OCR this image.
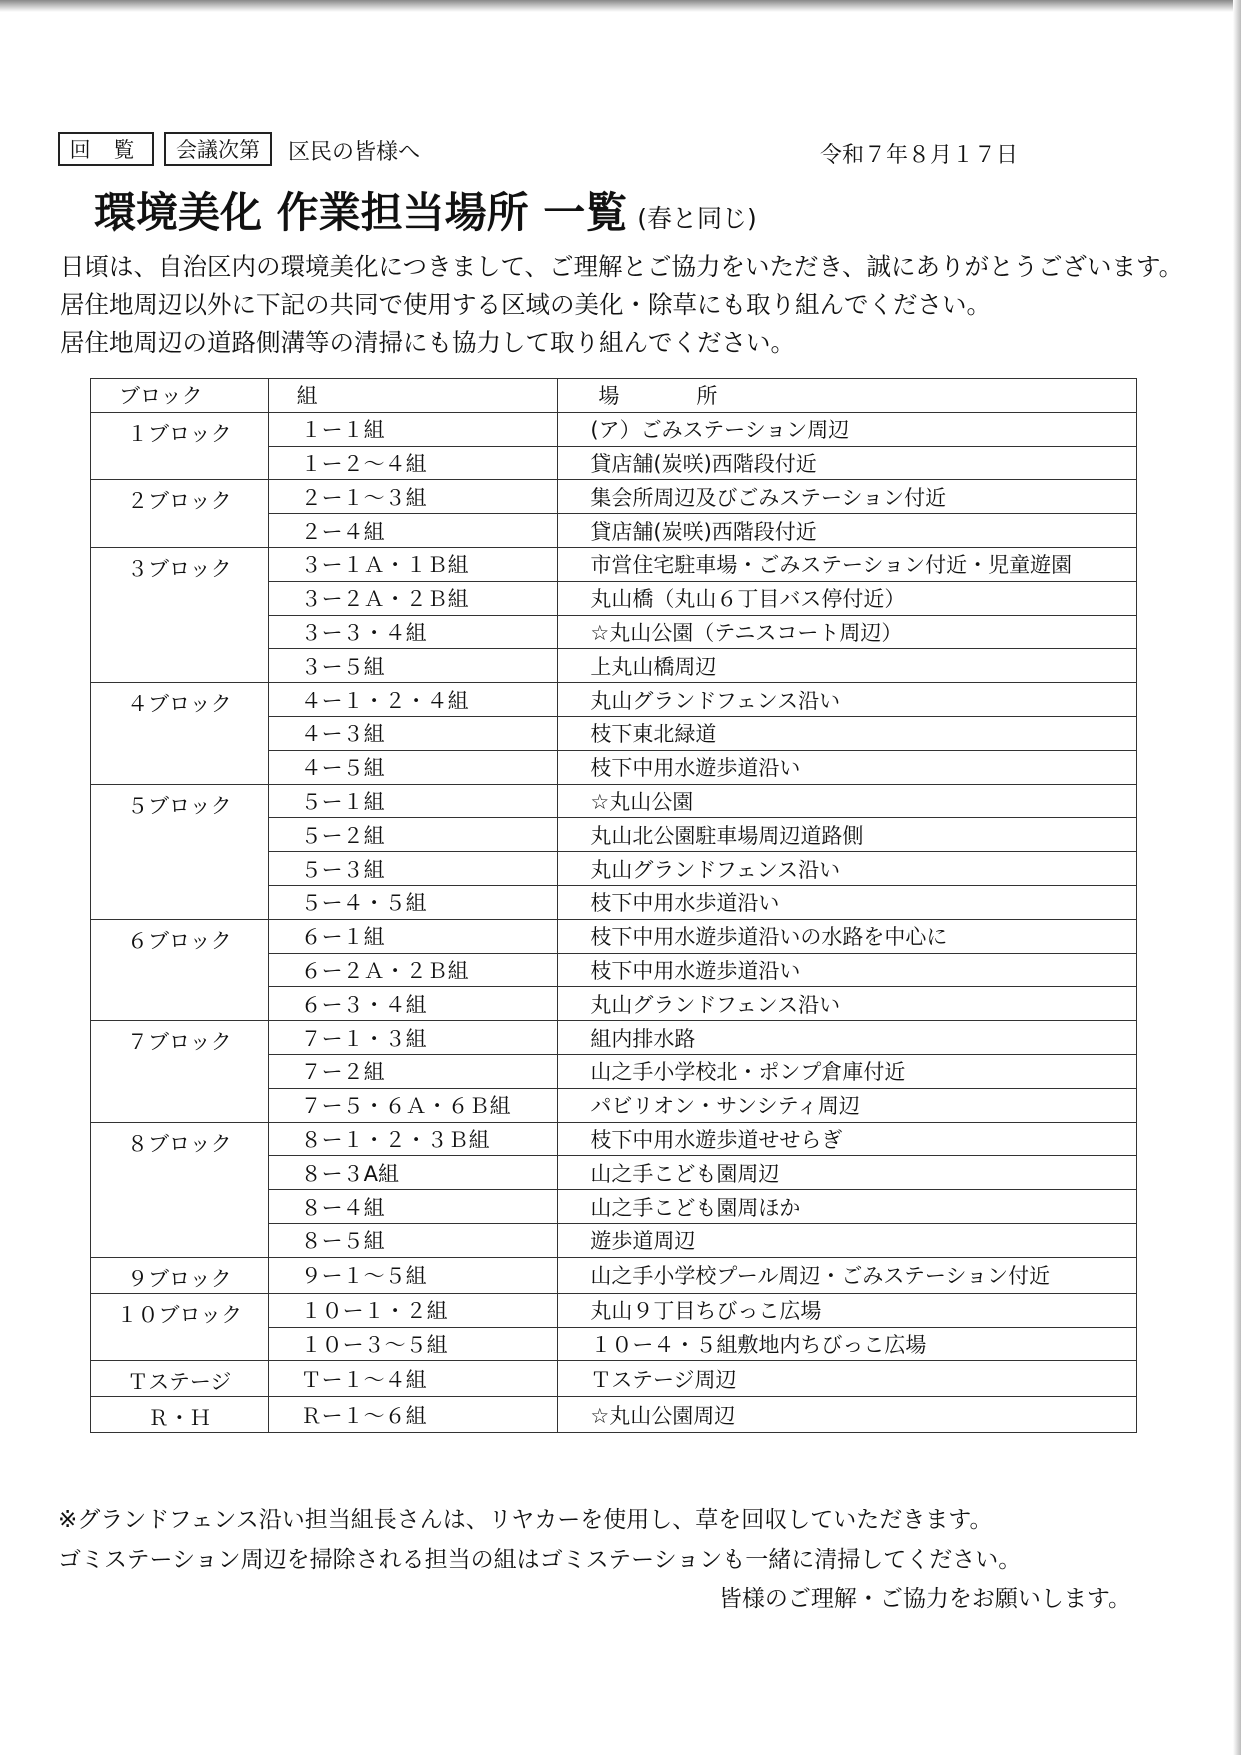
回 覧	会議次第	区民の皆様へ	令和７年８月１７日
環境美化 作業担当場所 一覧 (春と同じ)
日頃は、自治区内の環境美化につきまして、ご理解とご協力をいただき、誠にありがとうございます。
居住地周辺以外に下記の共同で使用する区域の美化・除草にも取り組んでください。
居住地周辺の道路側溝等の清掃にも協力して取り組んでください。
ブロック	組	場　所
１ブロック	１ー１組	(ア）ごみステーション周辺
	１ー２～４組	貸店舗(炭咲)西階段付近
２ブロック	２ー１～３組	集会所周辺及びごみステーション付近
	２ー４組	貸店舗(炭咲)西階段付近
３ブロック	３ー１Ａ・１Ｂ組	市営住宅駐車場・ごみステーション付近・児童遊園
	３ー２Ａ・２Ｂ組	丸山橋（丸山６丁目バス停付近）
	３ー３・４組	☆丸山公園（テニスコート周辺）
	３ー５組	上丸山橋周辺
４ブロック	４ー１・２・４組	丸山グランドフェンス沿い
	４ー３組	枝下東北緑道
	４ー５組	枝下中用水遊歩道沿い
５ブロック	５ー１組	☆丸山公園
	５ー２組	丸山北公園駐車場周辺道路側
	５ー３組	丸山グランドフェンス沿い
	５ー４・５組	枝下中用水歩道沿い
６ブロック	６ー１組	枝下中用水遊歩道沿いの水路を中心に
	６ー２Ａ・２Ｂ組	枝下中用水遊歩道沿い
	６ー３・４組	丸山グランドフェンス沿い
７ブロック	７ー１・３組	組内排水路
	７ー２組	山之手小学校北・ポンプ倉庫付近
	７ー５・６Ａ・６Ｂ組	パビリオン・サンシティ周辺
８ブロック	８ー１・２・３Ｂ組	枝下中用水遊歩道せせらぎ
	８ー３A組	山之手こども園周辺
	８ー４組	山之手こども園周ほか
	８ー５組	遊歩道周辺
９ブロック	９ー１～５組	山之手小学校プール周辺・ごみステーション付近
１０ブロック	１０ー１・２組	丸山９丁目ちびっこ広場
	１０ー３～５組	１０ー４・５組敷地内ちびっこ広場
Ｔステージ	Ｔー１～４組	Ｔステージ周辺
Ｒ・Ｈ	Ｒー１～６組	☆丸山公園周辺
※グランドフェンス沿い担当組長さんは、リヤカーを使用し、草を回収していただきます。
ゴミステーション周辺を掃除される担当の組はゴミステーションも一緒に清掃してください。
皆様のご理解・ご協力をお願いします。
